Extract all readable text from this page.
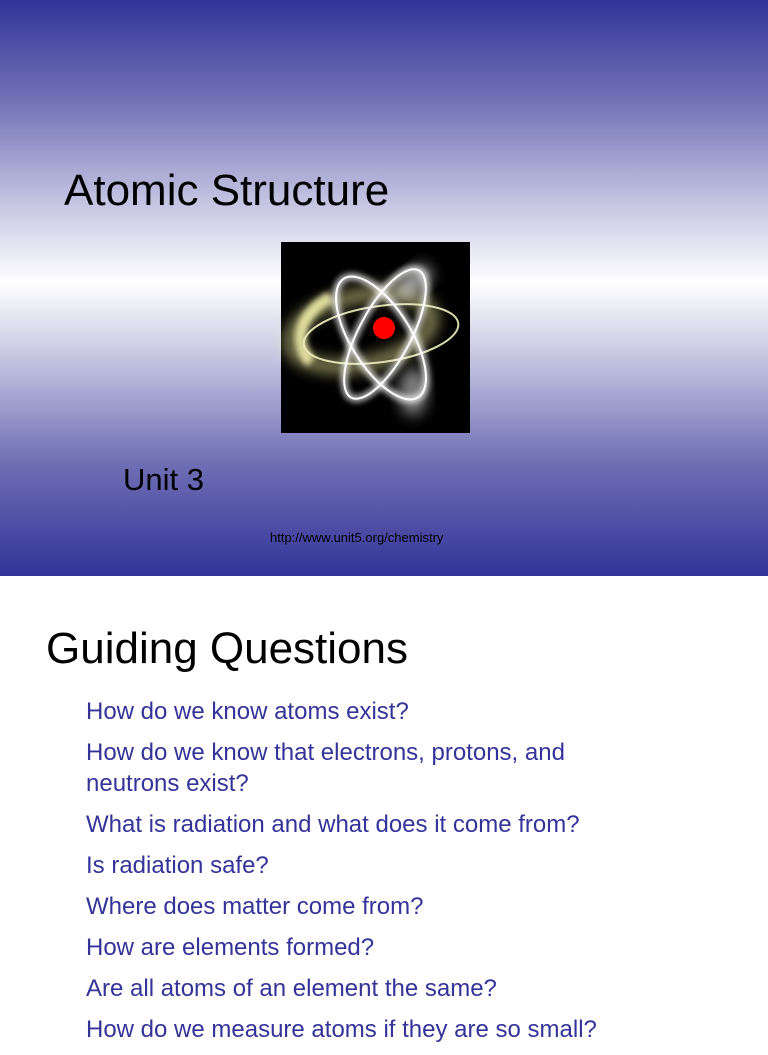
Atomic Structure
Unit 3
http://www.unit5.org/chemistry
Guiding Questions
How do we know atoms exist?
How do we know that electrons, protons, and neutrons exist?
What is radiation and what does it come from?
Is radiation safe?
Where does matter come from?
How are elements formed?
Are all atoms of an element the same?
How do we measure atoms if they are so small?
